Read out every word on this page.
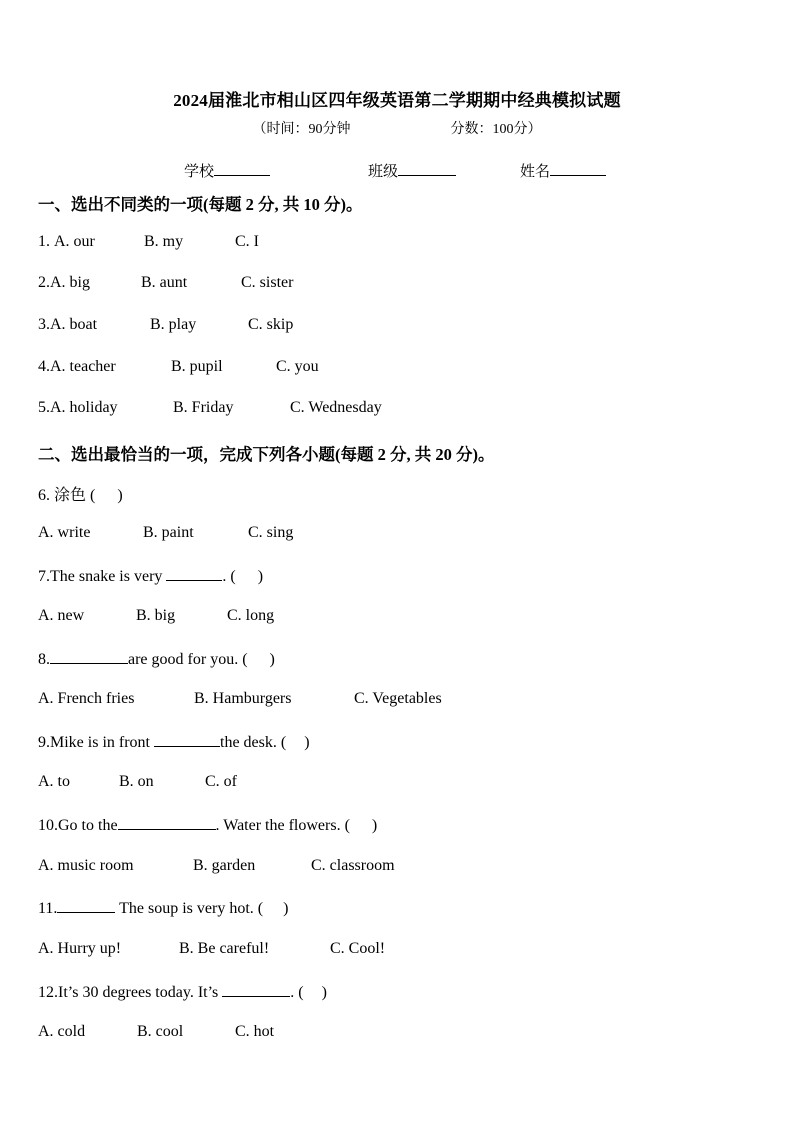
2024届淮北市相山区四年级英语第二学期期中经典模拟试题
（时间：90分钟	分数：100分）
学校	班级	姓名
一、选出不同类的一项(每题 2 分, 共 10 分)。
1. A. our	B. my	C. I
2.A. big	B. aunt	C. sister
3.A. boat	B. play	C. skip
4.A. teacher	B. pupil	C. you
5.A. holiday	B. Friday	C. Wednesday
二、选出最恰当的一项，完成下列各小题(每题 2 分, 共 20 分)。
6. 涂色 ( )
A. write	B. paint	C. sing
7.The snake is very	. ( )
A. new	B. big	C. long
8.	are good for you. ( )
A. French fries	B. Hamburgers	C. Vegetables
9.Mike is in front	the desk. ( )
A. to	B. on	C. of
10.Go to the	. Water the flowers. ( )
A. music room	B. garden	C. classroom
11.	The soup is very hot. ( )
A. Hurry up!	B. Be careful!	C. Cool!
12.It’s 30 degrees today. It’s	. ( )
A. cold	B. cool	C. hot
